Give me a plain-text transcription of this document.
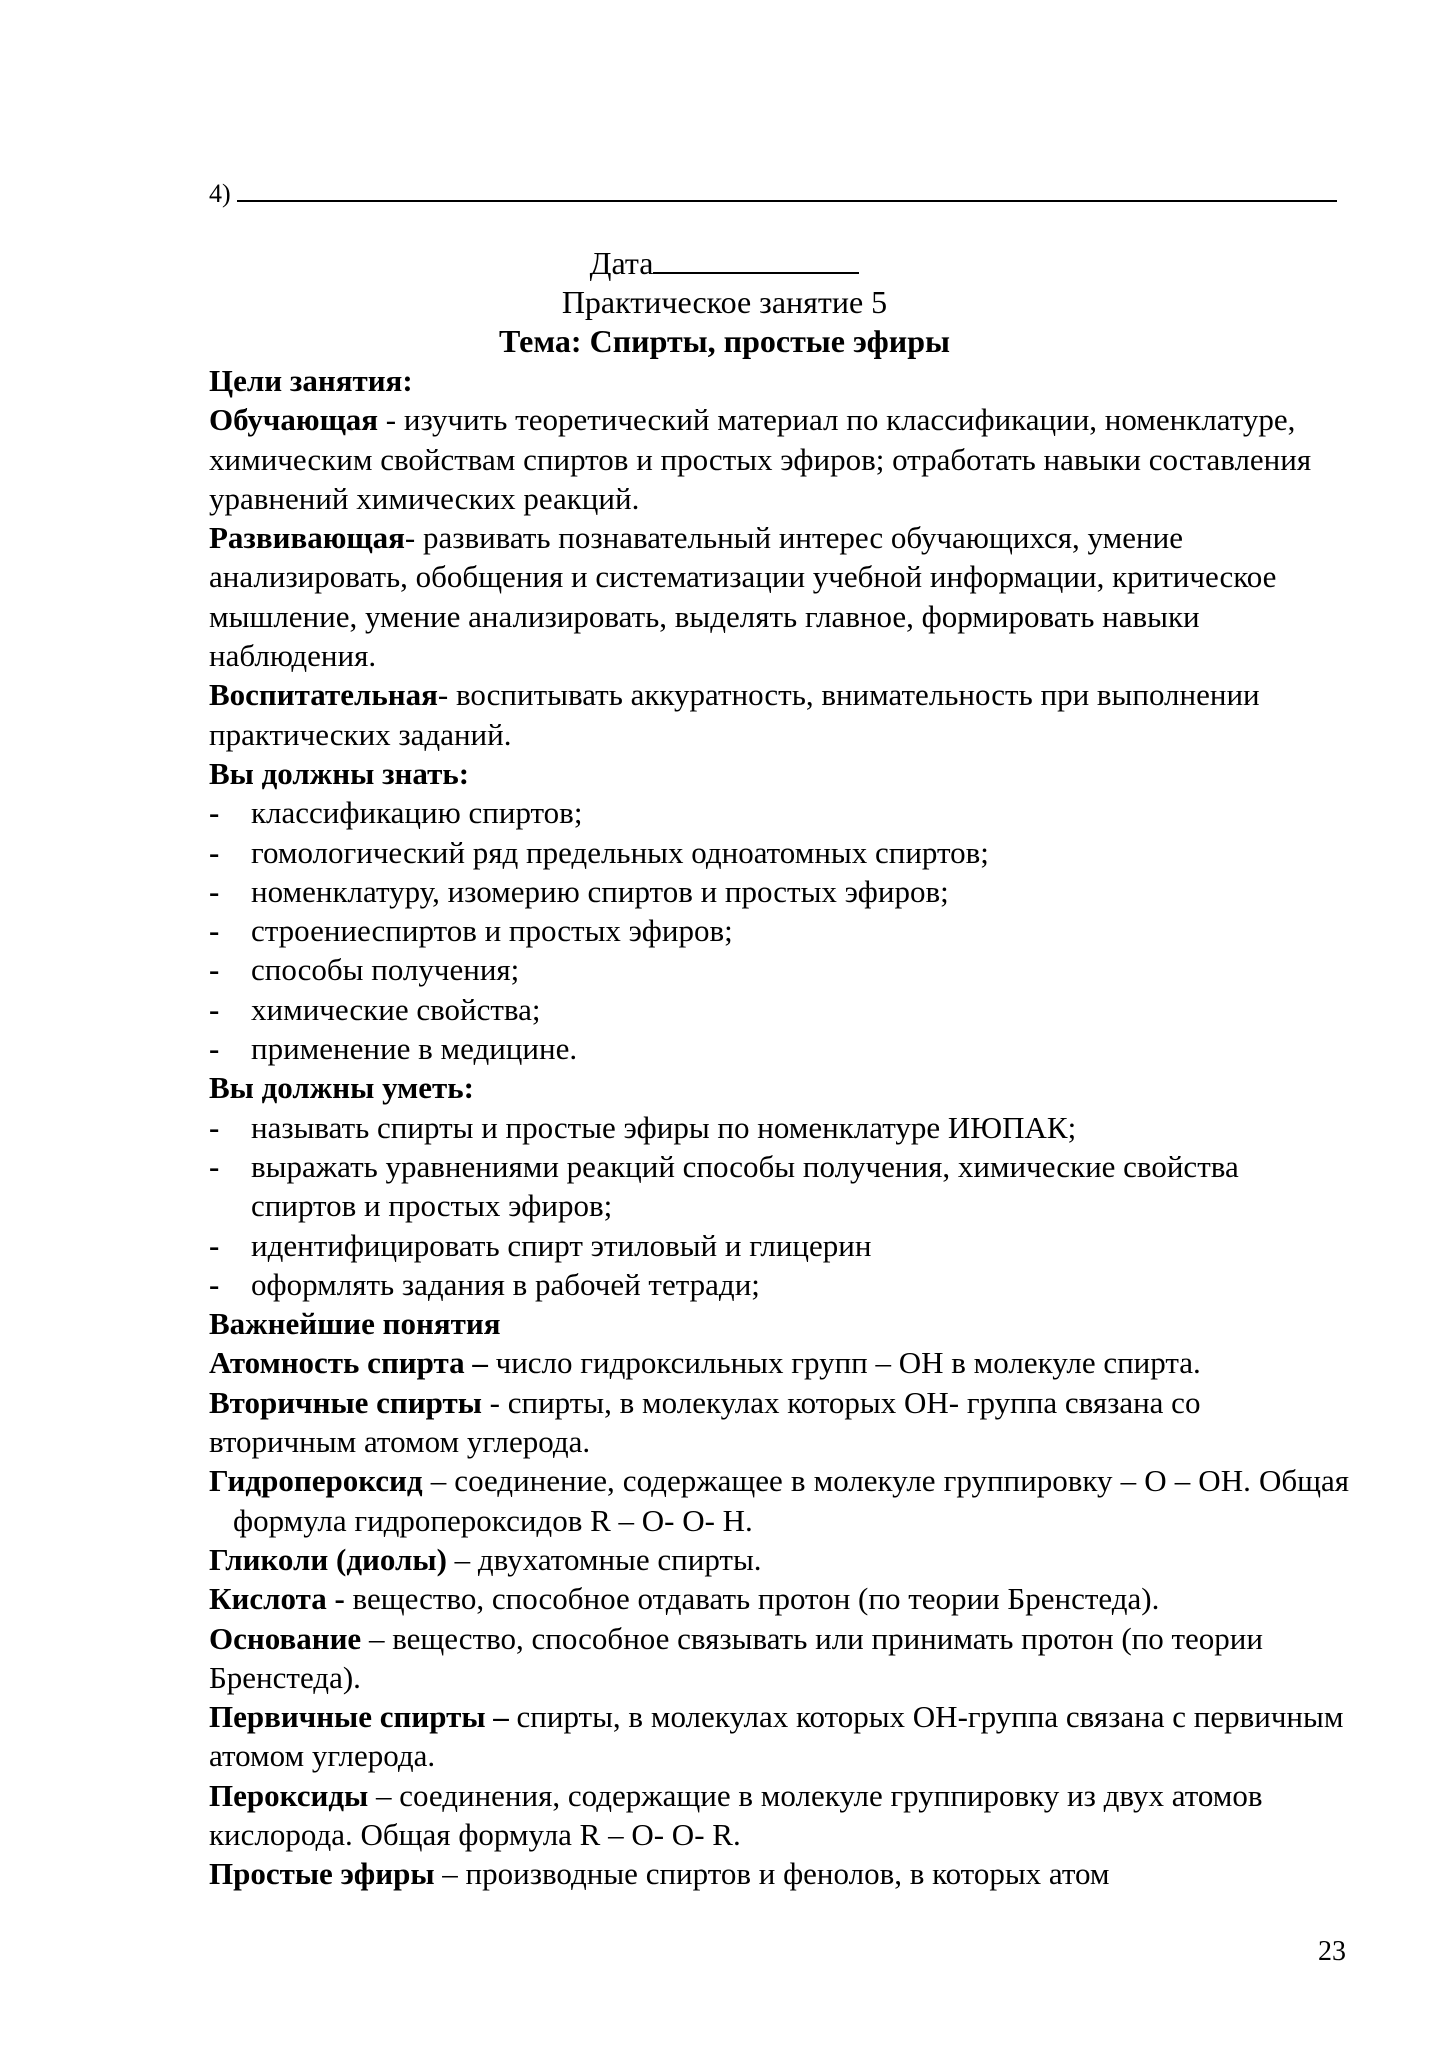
4)
Дата
Практическое занятие 5
Тема: Спирты, простые эфиры

Цели занятия:

Обучающая - изучить теоретический материал по классификации, номенклатуре, химическим свойствам спиртов и простых эфиров; отработать навыки составления уравнений химических реакций.

Развивающая- развивать познавательный интерес обучающихся, умение анализировать, обобщения и систематизации учебной информации, критическое мышление, умение анализировать, выделять главное, формировать навыки наблюдения.

Воспитательная- воспитывать аккуратность, внимательность при выполнении практических заданий.

Вы должны знать:

- классификацию спиртов;
- гомологический ряд предельных одноатомных спиртов;
- номенклатуру, изомерию спиртов и простых эфиров;
- строениеспиртов и простых эфиров;
- способы получения;
- химические свойства;
- применение в медицине.

Вы должны уметь:

- называть спирты и простые эфиры по номенклатуре ИЮПАК;
- выражать уравнениями реакций способы получения, химические свойства спиртов и простых эфиров;
- идентифицировать спирт этиловый и глицерин
- оформлять задания в рабочей тетради;

Важнейшие понятия

Атомность спирта – число гидроксильных групп – ОН в молекуле спирта.

Вторичные спирты - спирты, в молекулах которых ОН- группа связана со вторичным атомом углерода.

Гидропероксид – соединение, содержащее в молекуле группировку – О – ОН. Общая формула гидропероксидов R – О- О- Н.

Гликоли (диолы) – двухатомные спирты.

Кислота - вещество, способное отдавать протон (по теории Бренстеда).

Основание – вещество, способное связывать или принимать протон (по теории Бренстеда).

Первичные спирты – спирты, в молекулах которых ОН-группа связана с первичным атомом углерода.

Пероксиды – соединения, содержащие в молекуле группировку из двух атомов кислорода. Общая формула R – О- О- R.

Простые эфиры – производные спиртов и фенолов, в которых атом

23
